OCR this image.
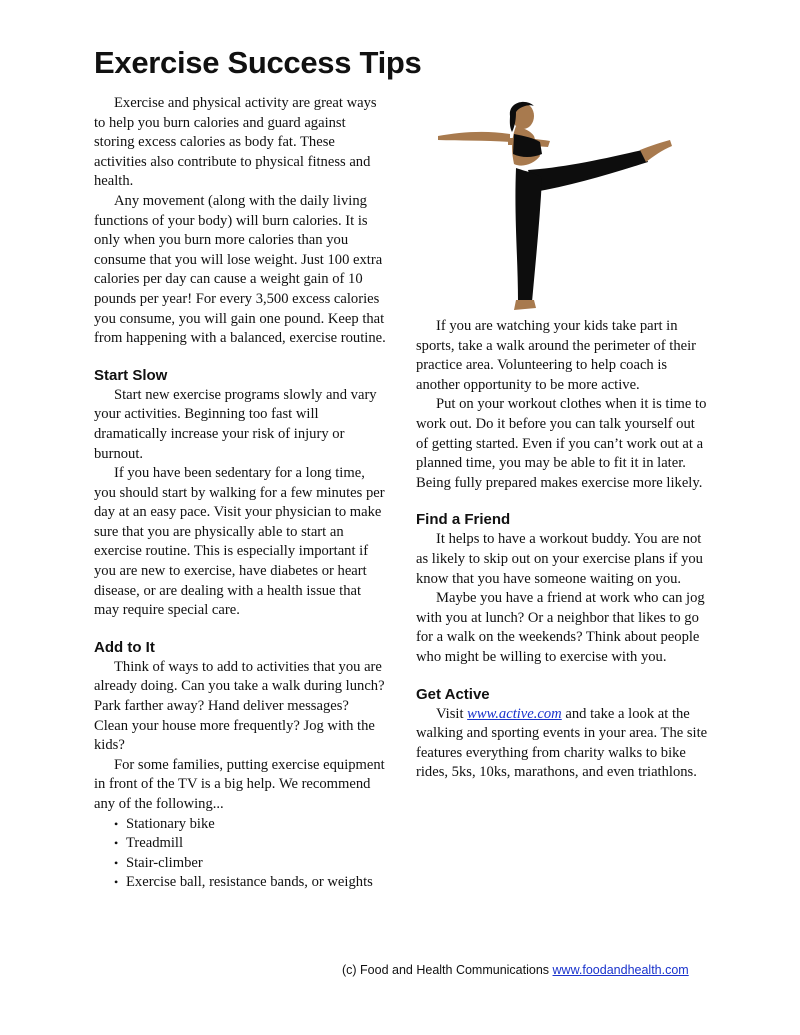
Exercise Success Tips

Exercise and physical activity are great ways to help you burn calories and guard against storing excess calories as body fat. These activities also contribute to physical fitness and health.

Any movement (along with the daily living functions of your body) will burn calories. It is only when you burn more calories than you consume that you will lose weight. Just 100 extra calories per day can cause a weight gain of 10 pounds per year! For every 3,500 excess calories you consume, you will gain one pound. Keep that from happening with a balanced, exercise routine.

Start Slow

Start new exercise programs slowly and vary your activities. Beginning too fast will dramatically increase your risk of injury or burnout.

If you have been sedentary for a long time, you should start by walking for a few minutes per day at an easy pace. Visit your physician to make sure that you are physically able to start an exercise routine. This is especially important if you are new to exercise, have diabetes or heart disease, or are dealing with a health issue that may require special care.

Add to It

Think of ways to add to activities that you are already doing. Can you take a walk during lunch? Park farther away? Hand deliver messages? Clean your house more frequently? Jog with the kids?

For some families, putting exercise equipment in front of the TV is a big help. We recommend any of the following...

• Stationary bike
• Treadmill
• Stair-climber
• Exercise ball, resistance bands, or weights

If you are watching your kids take part in sports, take a walk around the perimeter of their practice area. Volunteering to help coach is another opportunity to be more active.

Put on your workout clothes when it is time to work out. Do it before you can talk yourself out of getting started. Even if you can’t work out at a planned time, you may be able to fit it in later. Being fully prepared makes exercise more likely.

Find a Friend

It helps to have a workout buddy. You are not as likely to skip out on your exercise plans if you know that you have someone waiting on you.

Maybe you have a friend at work who can jog with you at lunch? Or a neighbor that likes to go for a walk on the weekends? Think about people who might be willing to exercise with you.

Get Active

Visit www.active.com and take a look at the walking and sporting events in your area. The site features everything from charity walks to bike rides, 5ks, 10ks, marathons, and even triathlons.

(c) Food and Health Communications www.foodandhealth.com
